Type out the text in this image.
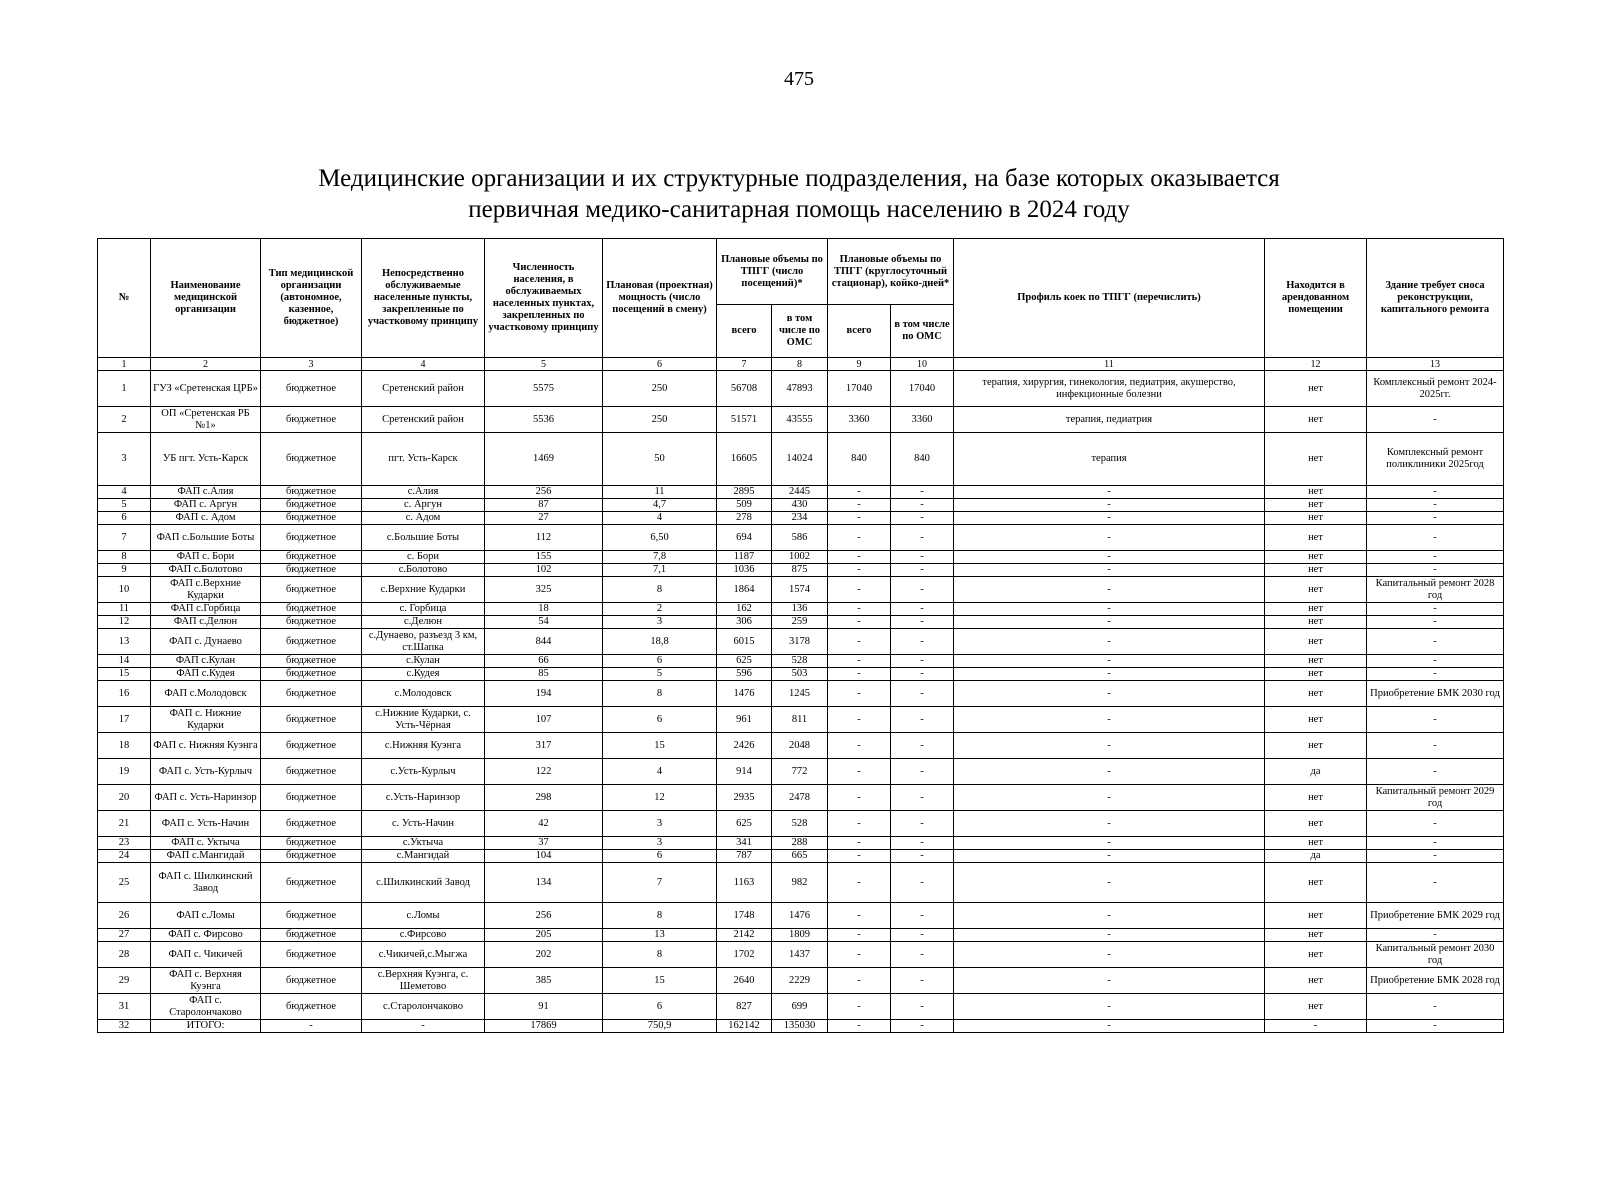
475
Медицинские организации и их структурные подразделения, на базе которых оказывается
первичная медико-санитарная помощь населению в 2024 году
№	Наименование медицинской организации	Тип медицинской организации (автономное, казенное, бюджетное)	Непосредственно обслуживаемые населенные пункты, закрепленные по участковому принципу	Численность населения, в обслуживаемых населенных пунктах, закрепленных по участковому принципу	Плановая (проектная) мощность (число посещений в смену)	Плановые объемы по ТПГГ (число посещений)*		Плановые объемы по ТПГГ (круглосуточный стационар), койко-дней*		Профиль коек по ТПГГ (перечислить)	Находится в арендованном помещении	Здание требует сноса реконструкции, капитального ремонта
						всего	в том числе по ОМС	всего	в том числе по ОМС			
1	2	3	4	5	6	7	8	9	10	11	12	13
1	ГУЗ «Сретенская ЦРБ»	бюджетное	Сретенский район	5575	250	56708	47893	17040	17040	терапия, хирургия, гинекология, педиатрия, акушерство, инфекционные болезни	нет	Комплексный ремонт 2024-2025гг.
2	ОП «Сретенская РБ №1»	бюджетное	Сретенский район	5536	250	51571	43555	3360	3360	терапия, педиатрия	нет	-
3	УБ пгт. Усть-Карск	бюджетное	пгт. Усть-Карск	1469	50	16605	14024	840	840	терапия	нет	Комплексный ремонт поликлиники 2025год
4	ФАП с.Алия	бюджетное	с.Алия	256	11	2895	2445	-	-	-	нет	-
5	ФАП с. Аргун	бюджетное	с. Аргун	87	4,7	509	430	-	-	-	нет	-
6	ФАП с. Адом	бюджетное	с. Адом	27	4	278	234	-	-	-	нет	-
7	ФАП с.Большие Боты	бюджетное	с.Большие Боты	112	6,50	694	586	-	-	-	нет	-
8	ФАП с. Бори	бюджетное	с. Бори	155	7,8	1187	1002	-	-	-	нет	-
9	ФАП с.Болотово	бюджетное	с.Болотово	102	7,1	1036	875	-	-	-	нет	-
10	ФАП с.Верхние Кударки	бюджетное	с.Верхние Кударки	325	8	1864	1574	-	-	-	нет	Капитальный ремонт 2028 год
11	ФАП с.Горбица	бюджетное	с. Горбица	18	2	162	136	-	-	-	нет	-
12	ФАП с.Делюн	бюджетное	с.Делюн	54	3	306	259	-	-	-	нет	-
13	ФАП с. Дунаево	бюджетное	с.Дунаево, разъезд 3 км, ст.Шапка	844	18,8	6015	3178	-	-	-	нет	-
14	ФАП с.Кулан	бюджетное	с.Кулан	66	6	625	528	-	-	-	нет	-
15	ФАП с.Кудея	бюджетное	с.Кудея	85	5	596	503	-	-	-	нет	-
16	ФАП с.Молодовск	бюджетное	с.Молодовск	194	8	1476	1245	-	-	-	нет	Приобретение БМК 2030 год
17	ФАП с. Нижние Кударки	бюджетное	с.Нижние Кударки, с. Усть-Чёрная	107	6	961	811	-	-	-	нет	-
18	ФАП с. Нижняя Куэнга	бюджетное	с.Нижняя Куэнга	317	15	2426	2048	-	-	-	нет	-
19	ФАП с. Усть-Курлыч	бюджетное	с.Усть-Курлыч	122	4	914	772	-	-	-	да	-
20	ФАП с. Усть-Наринзор	бюджетное	с.Усть-Наринзор	298	12	2935	2478	-	-	-	нет	Капитальный ремонт 2029 год
21	ФАП с. Усть-Начин	бюджетное	с. Усть-Начин	42	3	625	528	-	-	-	нет	-
23	ФАП с. Уктыча	бюджетное	с.Уктыча	37	3	341	288	-	-	-	нет	-
24	ФАП с.Мангидай	бюджетное	с.Мангидай	104	6	787	665	-	-	-	да	-
25	ФАП с. Шилкинский Завод	бюджетное	с.Шилкинский Завод	134	7	1163	982	-	-	-	нет	-
26	ФАП с.Ломы	бюджетное	с.Ломы	256	8	1748	1476	-	-	-	нет	Приобретение БМК 2029 год
27	ФАП с. Фирсово	бюджетное	с.Фирсово	205	13	2142	1809	-	-	-	нет	-
28	ФАП с. Чикичей	бюджетное	с.Чикичей,с.Мыгжа	202	8	1702	1437	-	-	-	нет	Капитальный ремонт 2030 год
29	ФАП с. Верхняя Куэнга	бюджетное	с.Верхняя Куэнга, с. Шеметово	385	15	2640	2229	-	-	-	нет	Приобретение БМК 2028 год
31	ФАП с. Старолончаково	бюджетное	с.Старолончаково	91	6	827	699	-	-	-	нет	-
32	ИТОГО:	-	-	17869	750,9	162142	135030	-	-	-	-	-
